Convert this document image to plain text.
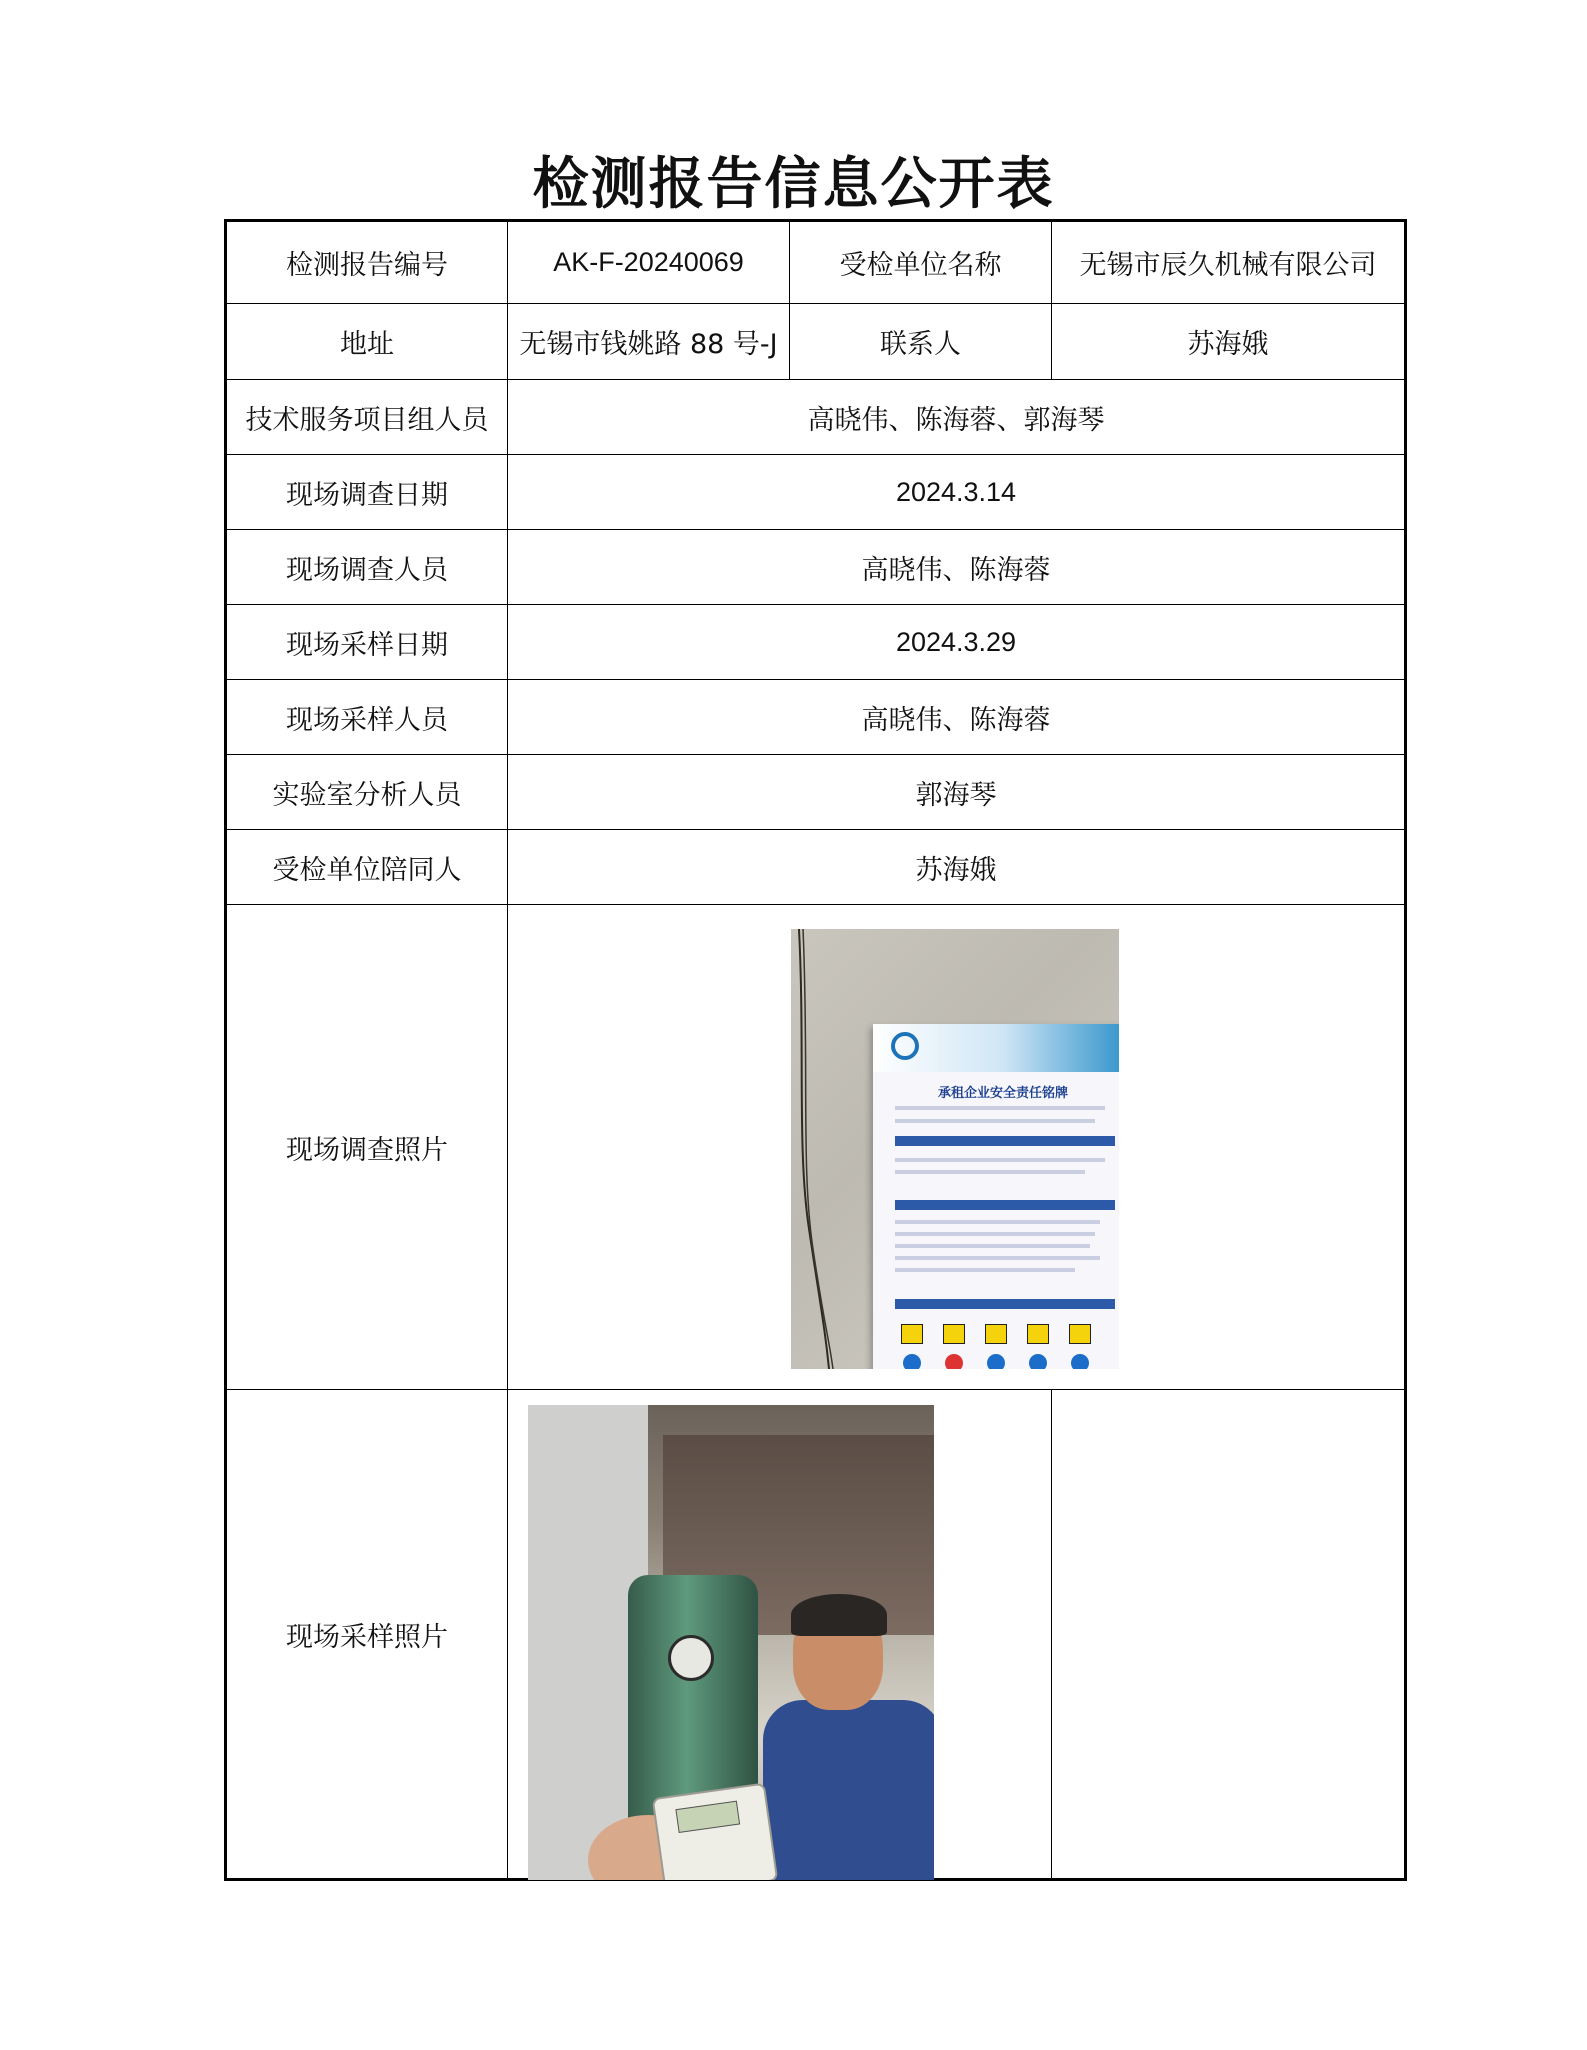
检测报告信息公开表
检测报告编号	AK-F-20240069	受检单位名称	无锡市辰久机械有限公司
地址	无锡市钱姚路 88 号-J	联系人	苏海娥
技术服务项目组人员	高晓伟、陈海蓉、郭海琴		
现场调查日期	2024.3.14		
现场调查人员	高晓伟、陈海蓉		
现场采样日期	2024.3.29		
现场采样人员	高晓伟、陈海蓉		
实验室分析人员	郭海琴		
受检单位陪同人	苏海娥		
现场调查照片	承租企业安全责任铭牌		

现场采样照片		
